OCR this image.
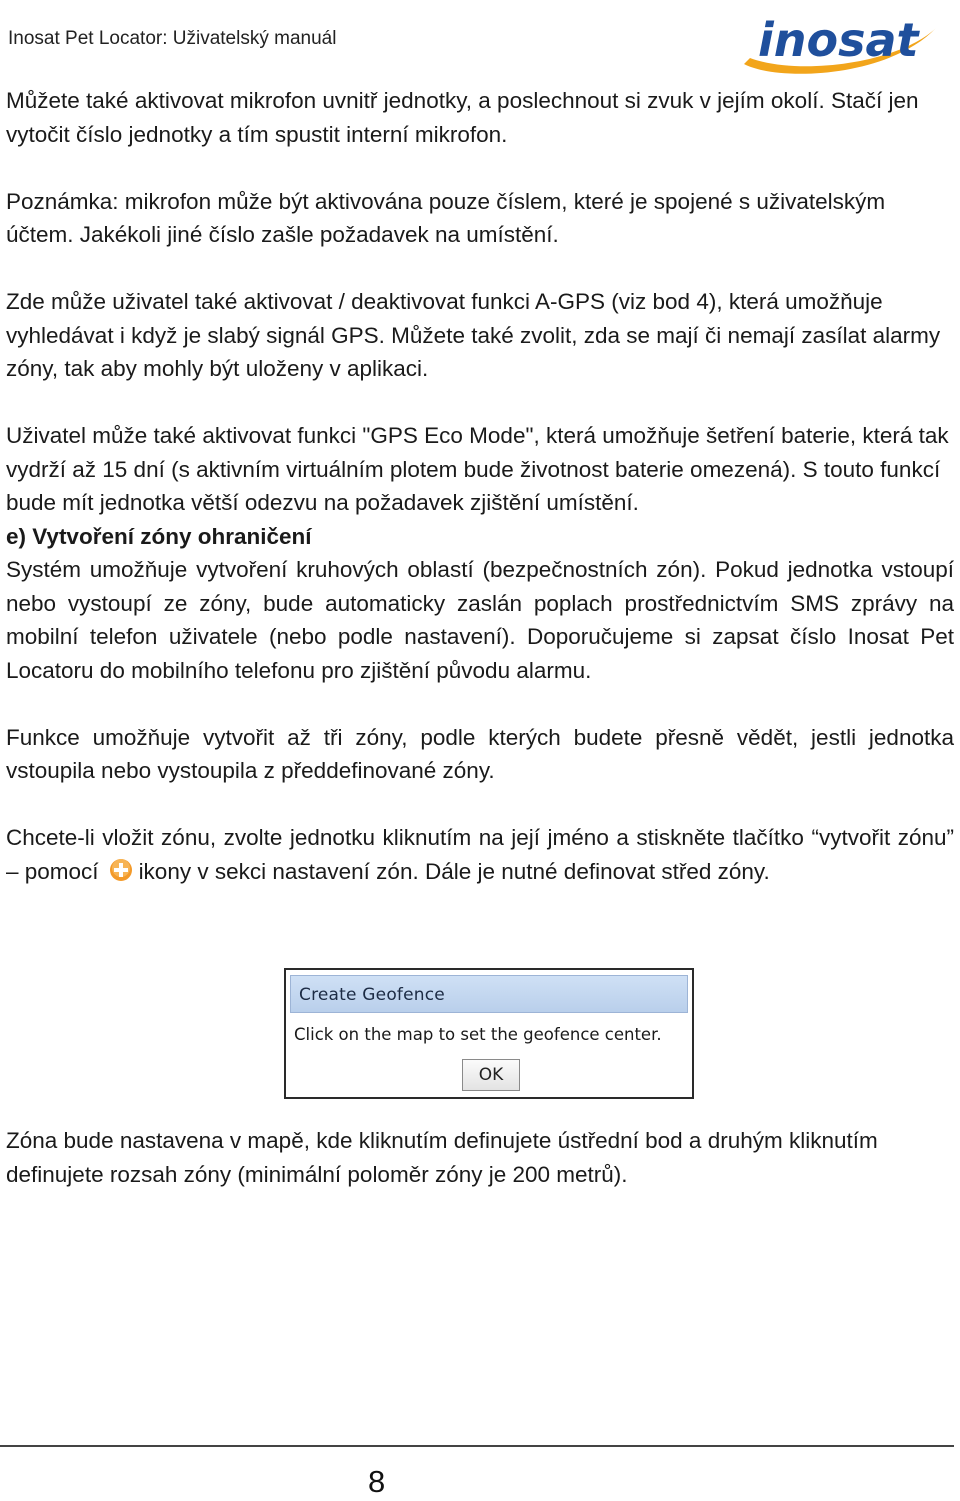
Inosat Pet Locator: Uživatelský manuál	inosat

Můžete také aktivovat mikrofon uvnitř jednotky, a poslechnout si zvuk v jejím okolí. Stačí jen vytočit číslo jednotky a tím spustit interní mikrofon.

Poznámka: mikrofon může být aktivována pouze číslem, které je spojené s uživatelským účtem. Jakékoli jiné číslo zašle požadavek na umístění.

Zde může uživatel také aktivovat / deaktivovat funkci A-GPS (viz bod 4), která umožňuje vyhledávat i když je slabý signál GPS. Můžete také zvolit, zda se mají či nemají zasílat alarmy zóny, tak aby mohly být uloženy v aplikaci.

Uživatel může také aktivovat funkci "GPS Eco Mode", která umožňuje šetření baterie, která tak vydrží až 15 dní (s aktivním virtuálním plotem bude životnost baterie omezená). S touto funkcí bude mít jednotka větší odezvu na požadavek zjištění umístění.

e) Vytvoření zóny ohraničení

Systém umožňuje vytvoření kruhových oblastí (bezpečnostních zón). Pokud jednotka vstoupí nebo vystoupí ze zóny, bude automaticky zaslán poplach prostřednictvím SMS zprávy na mobilní telefon uživatele (nebo podle nastavení). Doporučujeme si zapsat číslo Inosat Pet Locatoru do mobilního telefonu pro zjištění původu alarmu.

Funkce umožňuje vytvořit až tři zóny, podle kterých budete přesně vědět, jestli jednotka vstoupila nebo vystoupila z předdefinované zóny.

Chcete-li vložit zónu, zvolte jednotku kliknutím na její jméno a stiskněte tlačítko “vytvořit zónu” – pomocí ikony v sekci nastavení zón. Dále je nutné definovat střed zóny.

Create Geofence
Click on the map to set the geofence center.
OK
Zóna bude nastavena v mapě, kde kliknutím definujete ústřední bod a druhým kliknutím definujete rozsah zóny (minimální poloměr zóny je 200 metrů).
8
